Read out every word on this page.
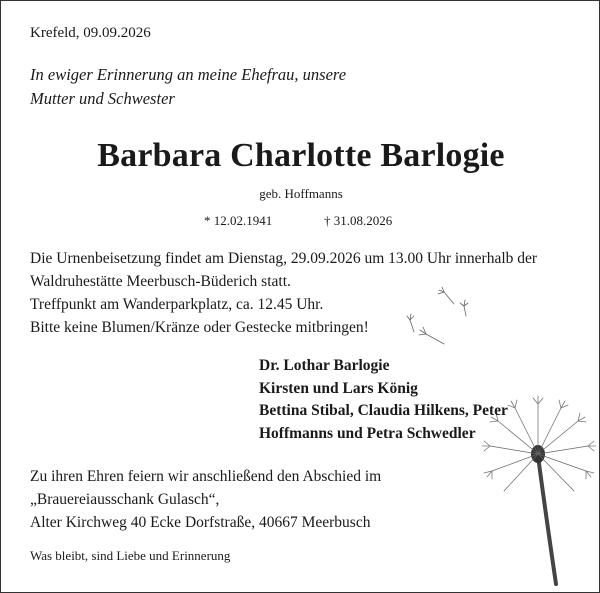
Krefeld, 09.09.2026
In ewiger Erinnerung an meine Ehefrau, unsere
Mutter und Schwester
Barbara Charlotte Barlogie
geb. Hoffmanns
* 12.02.1941	† 31.08.2026
Die Urnenbeisetzung findet am Dienstag, 29.09.2026 um 13.00 Uhr innerhalb der
Waldruhestätte Meerbusch-Büderich statt.
Treffpunkt am Wanderparkplatz, ca. 12.45 Uhr.
Bitte keine Blumen/Kränze oder Gestecke mitbringen!
Dr. Lothar Barlogie
Kirsten und Lars König
Bettina Stibal, Claudia Hilkens, Peter
Hoffmanns und Petra Schwedler
Zu ihren Ehren feiern wir anschließend den Abschied im
„Brauereiausschank Gulasch“,
Alter Kirchweg 40 Ecke Dorfstraße, 40667 Meerbusch
Was bleibt, sind Liebe und Erinnerung
